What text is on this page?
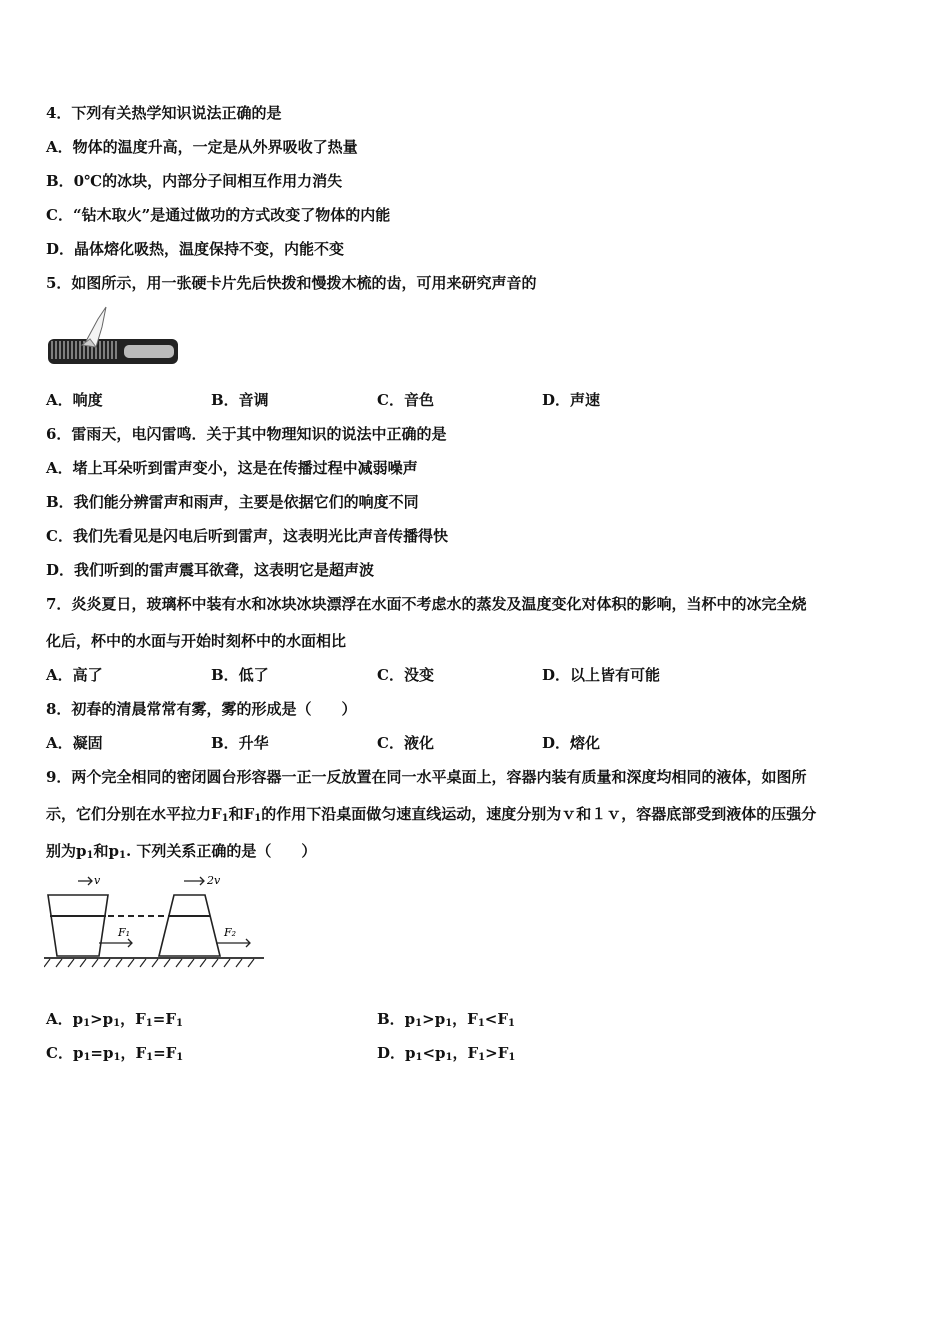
4．下列有关热学知识说法正确的是
A．物体的温度升高，一定是从外界吸收了热量
B．0℃的冰块，内部分子间相互作用力消失
C．“钻木取火”是通过做功的方式改变了物体的内能
D．晶体熔化吸热，温度保持不变，内能不变
5．如图所示，用一张硬卡片先后快拨和慢拨木梳的齿，可用来研究声音的
A．响度	B．音调	C．音色	D．声速
6．雷雨天，电闪雷鸣．关于其中物理知识的说法中正确的是
A．堵上耳朵听到雷声变小，这是在传播过程中减弱噪声
B．我们能分辨雷声和雨声，主要是依据它们的响度不同
C．我们先看见是闪电后听到雷声，这表明光比声音传播得快
D．我们听到的雷声震耳欲聋，这表明它是超声波
7．炎炎夏日，玻璃杯中装有水和冰块冰块漂浮在水面不考虑水的蒸发及温度变化对体积的影响，当杯中的冰完全烧
化后，杯中的水面与开始时刻杯中的水面相比
A．高了	B．低了	C．没变	D．以上皆有可能
8．初春的清晨常常有雾，雾的形成是（　　）
A．凝固	B．升华	C．液化	D．熔化
9．两个完全相同的密闭圆台形容器一正一反放置在同一水平桌面上，容器内装有质量和深度均相同的液体，如图所
示，它们分别在水平拉力$F_1$和$F_1$的作用下沿桌面做匀速直线运动，速度分别为ｖ和１ｖ，容器底部受到液体的压强分
别为$p_1$和$p_1$. 下列关系正确的是（　　）
v	2v
F₁	F₂
A．$p_1>p_1$，$F_1=F_1$	B．$p_1>p_1$，$F_1<F_1$
C．$p_1=p_1$，$F_1=F_1$	D．$p_1<p_1$，$F_1>F_1$
